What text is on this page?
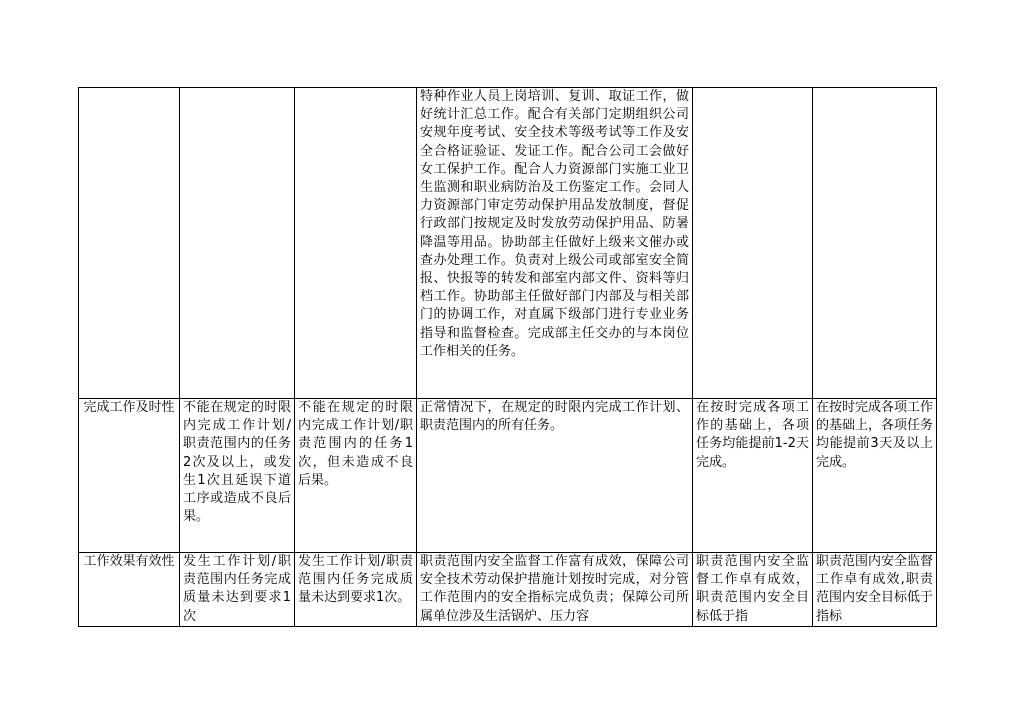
			特种作业人员上岗培训、复训、取证工作，做好统计汇总工作。配合有关部门定期组织公司安规年度考试、安全技术等级考试等工作及安全合格证验证、发证工作。配合公司工会做好女工保护工作。配合人力资源部门实施工业卫生监测和职业病防治及工伤鉴定工作。会同人力资源部门审定劳动保护用品发放制度，督促行政部门按规定及时发放劳动保护用品、防暑降温等用品。协助部主任做好上级来文催办或查办处理工作。负责对上级公司或部室安全简报、快报等的转发和部室内部文件、资料等归档工作。协助部主任做好部门内部及与相关部门的协调工作，对直属下级部门进行专业业务指导和监督检查。完成部主任交办的与本岗位工作相关的任务。		
完成工作及时性	不能在规定的时限内完成工作计划/职责范围内的任务2次及以上，或发生1次且延误下道工序或造成不良后果。	不能在规定的时限内完成工作计划/职责范围内的任务1次，但未造成不良后果。	正常情况下，在规定的时限内完成工作计划、职责范围内的所有任务。	在按时完成各项工作的基础上，各项任务均能提前1-2天完成。	在按时完成各项工作的基础上，各项任务均能提前3天及以上完成。
工作效果有效性	发生工作计划/职责范围内任务完成质量未达到要求1次	发生工作计划/职责范围内任务完成质量未达到要求1次。	职责范围内安全监督工作富有成效，保障公司安全技术劳动保护措施计划按时完成，对分管工作范围内的安全指标完成负责；保障公司所属单位涉及生活锅炉、压力容	职责范围内安全监督工作卓有成效，职责范围内安全目标低于指	职责范围内安全监督工作卓有成效,职责范围内安全目标低于指标
